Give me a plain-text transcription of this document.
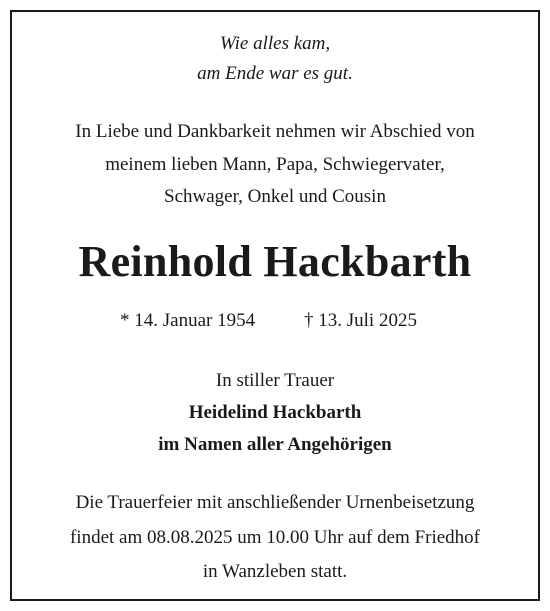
Wie alles kam,
am Ende war es gut.
In Liebe und Dankbarkeit nehmen wir Abschied von
meinem lieben Mann, Papa, Schwiegervater,
Schwager, Onkel und Cousin
Reinhold Hackbarth
* 14. Januar 1954	† 13. Juli 2025
In stiller Trauer
Heidelind Hackbarth
im Namen aller Angehörigen
Die Trauerfeier mit anschließender Urnenbeisetzung
findet am 08.08.2025 um 10.00 Uhr auf dem Friedhof
in Wanzleben statt.
